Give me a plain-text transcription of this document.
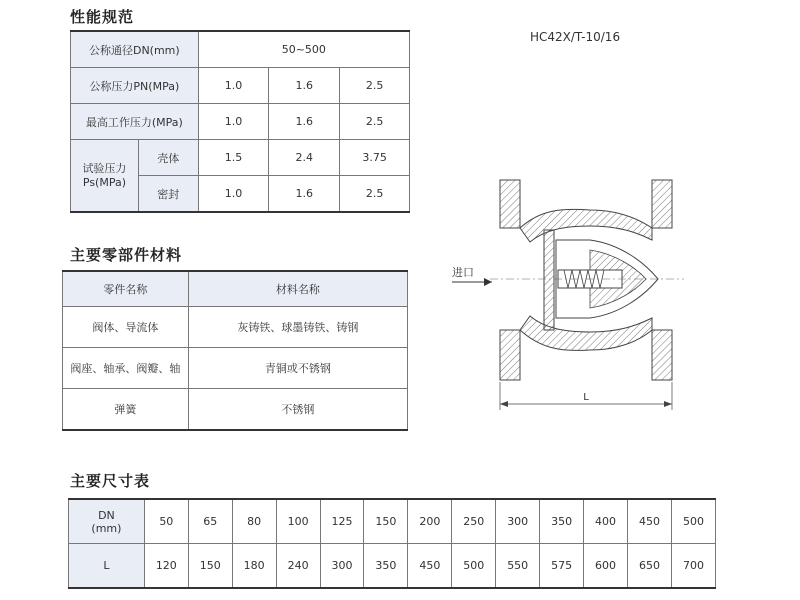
性能规范
公称通径DN(mm)		50~500		
公称压力PN(MPa)		1.0	1.6	2.5
最高工作压力(MPa)		1.0	1.6	2.5
试验压力
Ps(MPa)	壳体	1.5	2.4	3.75
	密封	1.0	1.6	2.5
主要零部件材料
零件名称	材料名称
阀体、导流体	灰铸铁、球墨铸铁、铸钢
阀座、轴承、阀瓣、轴	青铜或不锈钢
弹簧	不锈钢
主要尺寸表
DN
(mm)	50	65	80	100	125	150	200	250	300	350	400	450	500
L	120	150	180	240	300	350	450	500	550	575	600	650	700
HC42X/T-10/16
进口
L
